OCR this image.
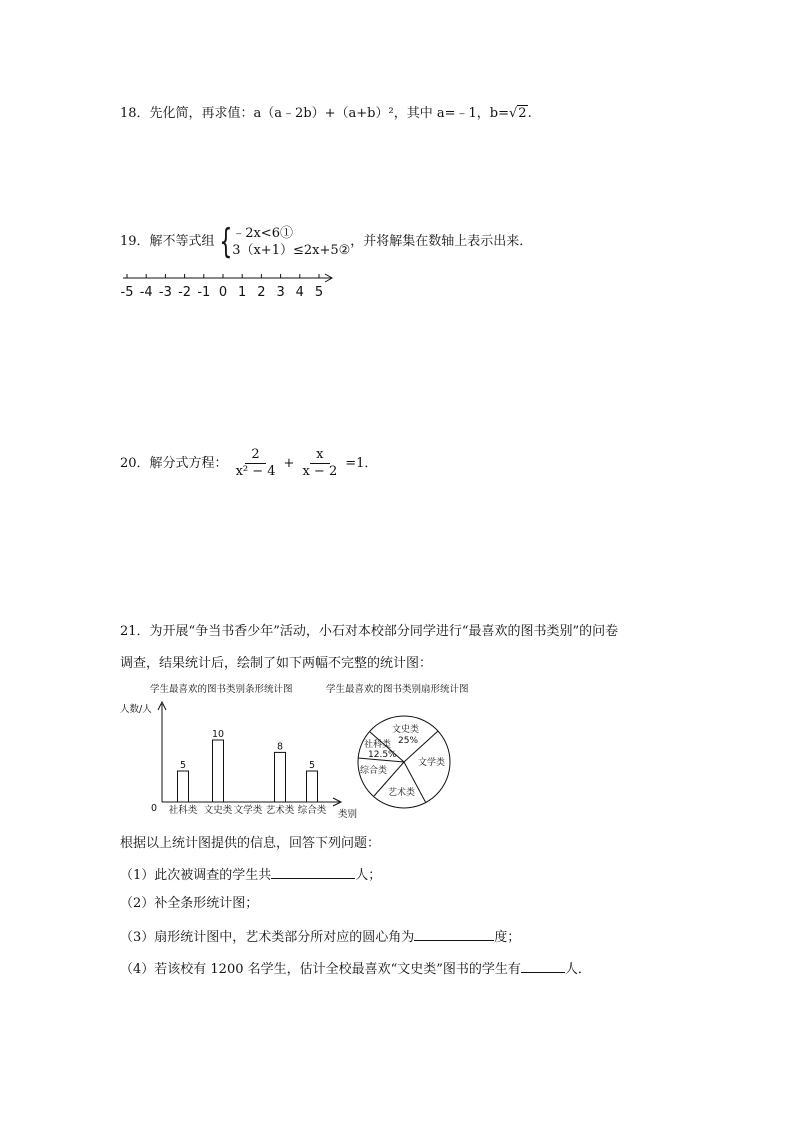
18．先化简，再求值：a（a﹣2b）+（a+b）²，其中 a=﹣1，b=√2.
19．解不等式组 { ﹣2x<6①
3（x+1）≤2x+5②
，并将解集在数轴上表示出来．
-5 -4 -3 -2 -1 0 1 2 3 4 5
20．解分式方程： $\frac{2}{\text{x² − 4}} + \frac{x}{x - 2} =1$．
21．为开展“争当书香少年”活动，小石对本校部分同学进行“最喜欢的图书类别”的问卷
调查，结果统计后，绘制了如下两幅不完整的统计图：
学生最喜欢的图书类别条形统计图
人数/人
0
类别
5
社科类
10
文史类 文学类
8
艺术类
5
综合类
学生最喜欢的图书类别扇形统计图
文史类
25%
文学类
艺术类
综合类
社科类
12.5%
根据以上统计图提供的信息，回答下列问题：
（1）此次被调查的学生共	人；
（2）补全条形统计图；
（3）扇形统计图中，艺术类部分所对应的圆心角为	度；
（4）若该校有 1200 名学生，估计全校最喜欢“文史类”图书的学生有	人．
